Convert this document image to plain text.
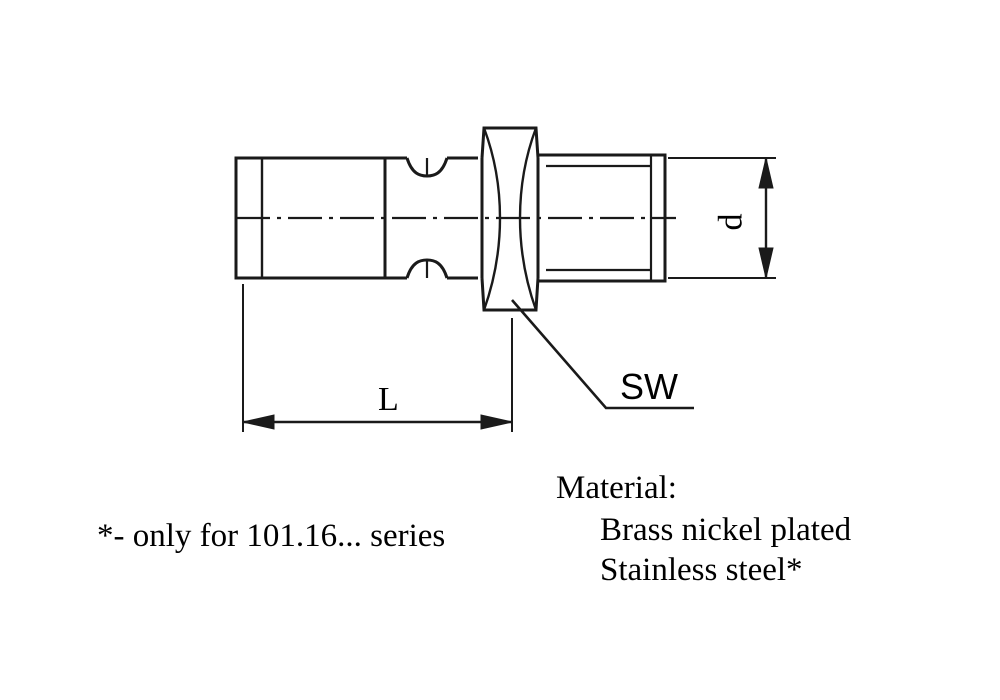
SW
L
d
*- only for 101.16... series
Material:
Brass nickel plated
Stainless steel*
